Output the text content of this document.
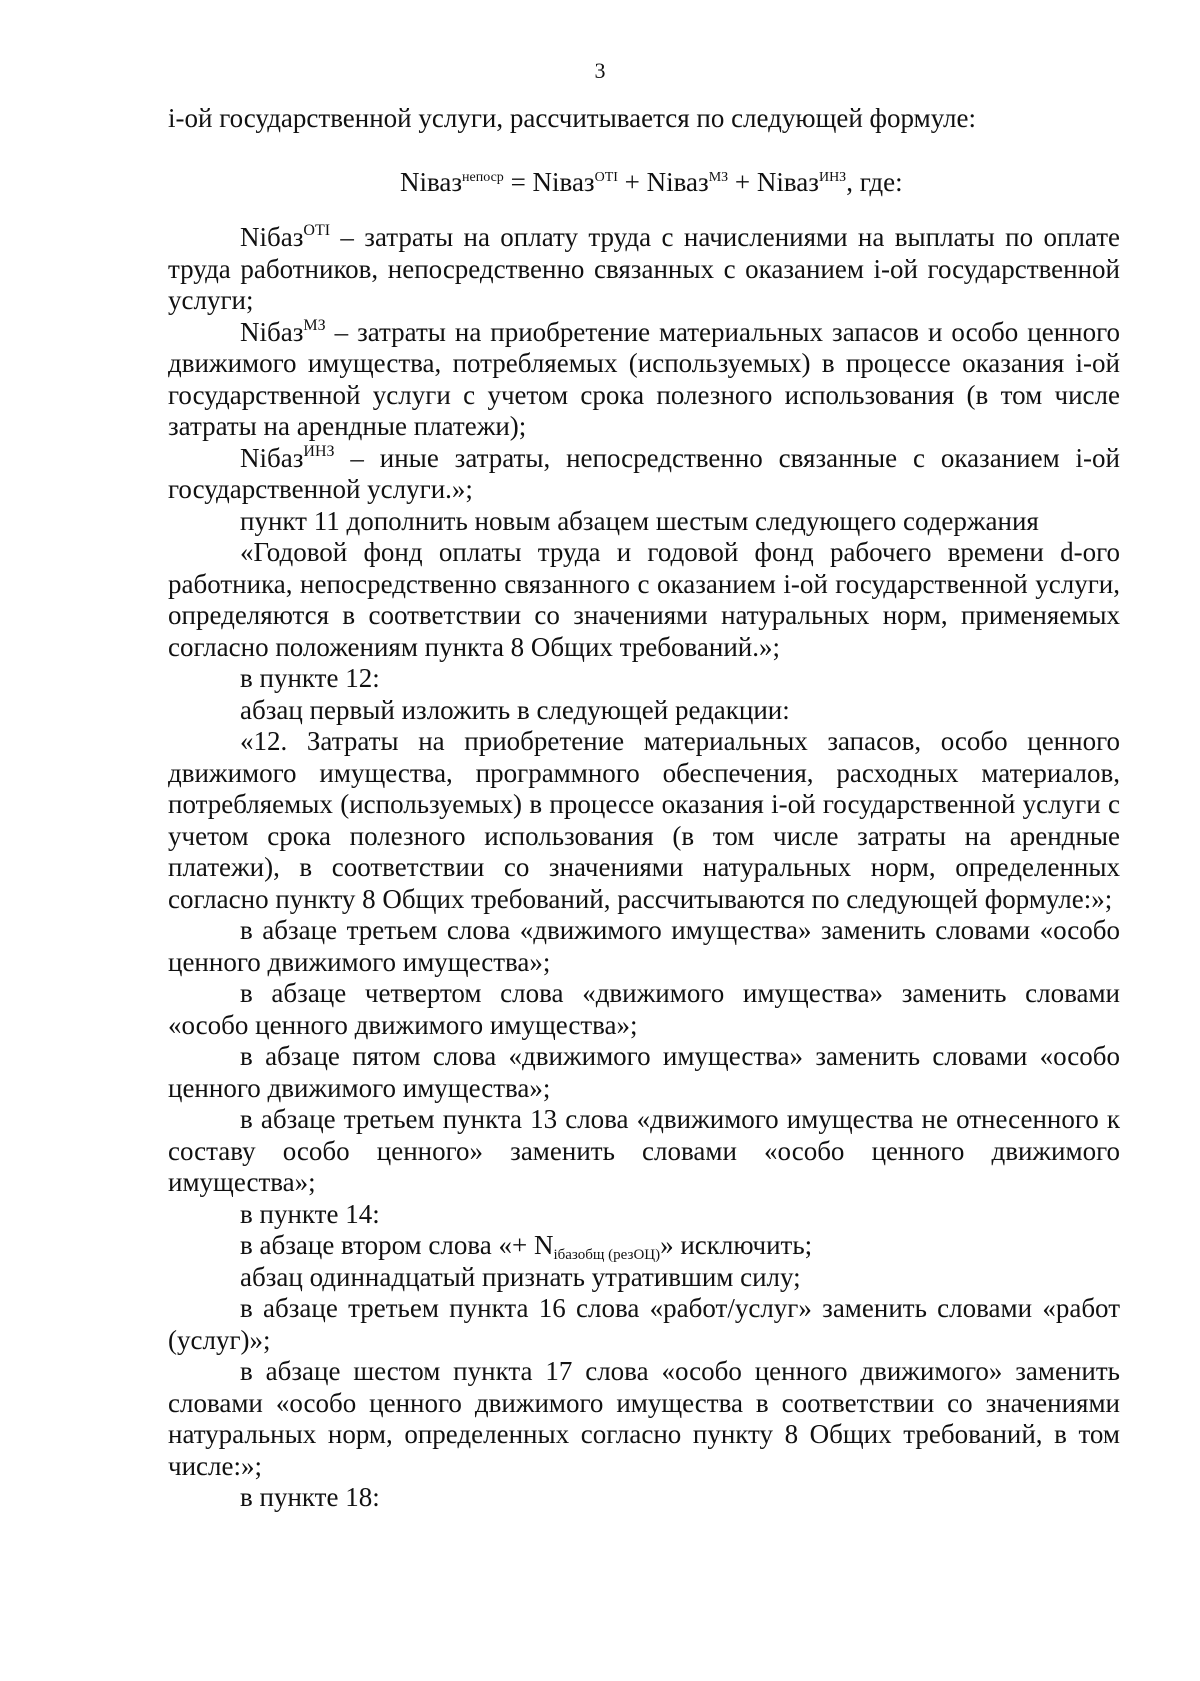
3

i-ой государственной услуги, рассчитывается по следующей формуле:

Nіваз$^{непоср}$ = Nіваз$^{ОТІ}$ + Nіваз$^{МЗ}$ + Nіваз$^{ИНЗ}$, где:

Nібаз$^{ОТІ}$ – затраты на оплату труда с начислениями на выплаты по оплате труда работников, непосредственно связанных с оказанием i-ой государственной услуги;

Nібаз$^{МЗ}$ – затраты на приобретение материальных запасов и особо ценного движимого имущества, потребляемых (используемых) в процессе оказания i-ой государственной услуги с учетом срока полезного использования (в том числе затраты на арендные платежи);

Nібаз$^{ИНЗ}$ – иные затраты, непосредственно связанные с оказанием i-ой государственной услуги.»;

пункт 11 дополнить новым абзацем шестым следующего содержания

«Годовой фонд оплаты труда и годовой фонд рабочего времени d-ого работника, непосредственно связанного с оказанием i-ой государственной услуги, определяются в соответствии со значениями натуральных норм, применяемых согласно положениям пункта 8 Общих требований.»;

в пункте 12:

абзац первый изложить в следующей редакции:

«12. Затраты на приобретение материальных запасов, особо ценного движимого имущества, программного обеспечения, расходных материалов, потребляемых (используемых) в процессе оказания i-ой государственной услуги с учетом срока полезного использования (в том числе затраты на арендные платежи), в соответствии со значениями натуральных норм, определенных согласно пункту 8 Общих требований, рассчитываются по следующей формуле:»;

в абзаце третьем слова «движимого имущества» заменить словами «особо ценного движимого имущества»;

в абзаце четвертом слова «движимого имущества» заменить словами «особо ценного движимого имущества»;

в абзаце пятом слова «движимого имущества» заменить словами «особо ценного движимого имущества»;

в абзаце третьем пункта 13 слова «движимого имущества не отнесенного к составу особо ценного» заменить словами «особо ценного движимого имущества»;

в пункте 14:

в абзаце втором слова «+ $N_{iбазобщ (резОЦ)}$» исключить;

абзац одиннадцатый признать утратившим силу;

в абзаце третьем пункта 16 слова «работ/услуг» заменить словами «работ (услуг)»;

в абзаце шестом пункта 17 слова «особо ценного движимого» заменить словами «особо ценного движимого имущества в соответствии со значениями натуральных норм, определенных согласно пункту 8 Общих требований, в том числе:»;

в пункте 18:
